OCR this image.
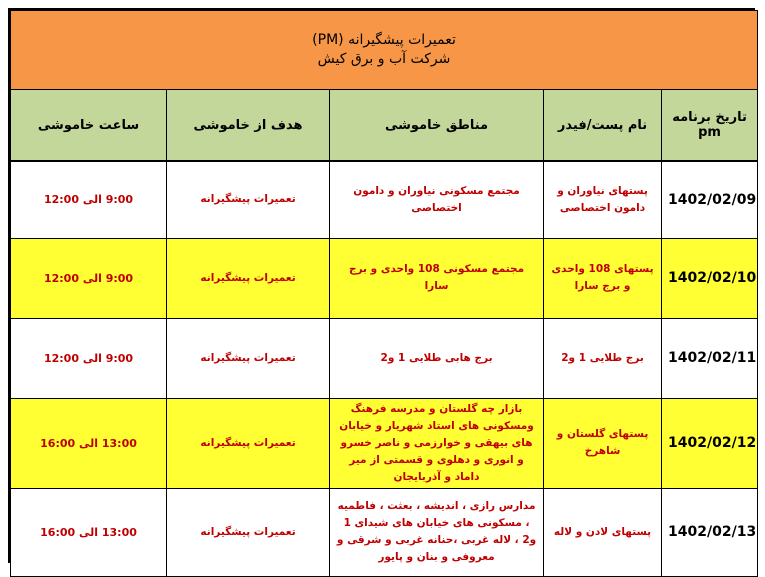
تعمیرات پیشگیرانه (PM)
شرکت آب و برق کیش				

تاریخ برنامه pm	نام پست/فیدر	مناطق خاموشی	هدف از خاموشی	ساعت خاموشی
1402/02/09	پستهای نیاوران و دامون اختصاصی	مجتمع مسکونی نیاوران و دامون اختصاصی	تعمیرات پیشگیرانه	9:00 الی 12:00
1402/02/10	پستهای 108 واحدی و برج سارا	مجتمع مسکونی 108 واحدی و برج سارا	تعمیرات پیشگیرانه	9:00 الی 12:00
1402/02/11	برج طلایی 1 و2	برج هابی طلایی 1 و2	تعمیرات پیشگیرانه	9:00 الی 12:00
1402/02/12	پستهای گلستان و شاهرخ	بازار چه گلستان و مدرسه فرهنگ ومسکونی های استاد شهریار و خیابان های بیهقی و خوارزمی و ناصر خسرو و انوری و دهلوی و قسمتی از میر داماد و آذربایجان	تعمیرات پیشگیرانه	13:00 الی 16:00
1402/02/13	پستهای لادن و لاله	مدارس رازی ، اندیشه ، بعثت ، فاطمیه ، مسکونی های خیابان های شیدای 1 و2 ، لاله غربی ،حنانه غربی و شرقی و معروفی و بنان و پایور	تعمیرات پیشگیرانه	13:00 الی 16:00
